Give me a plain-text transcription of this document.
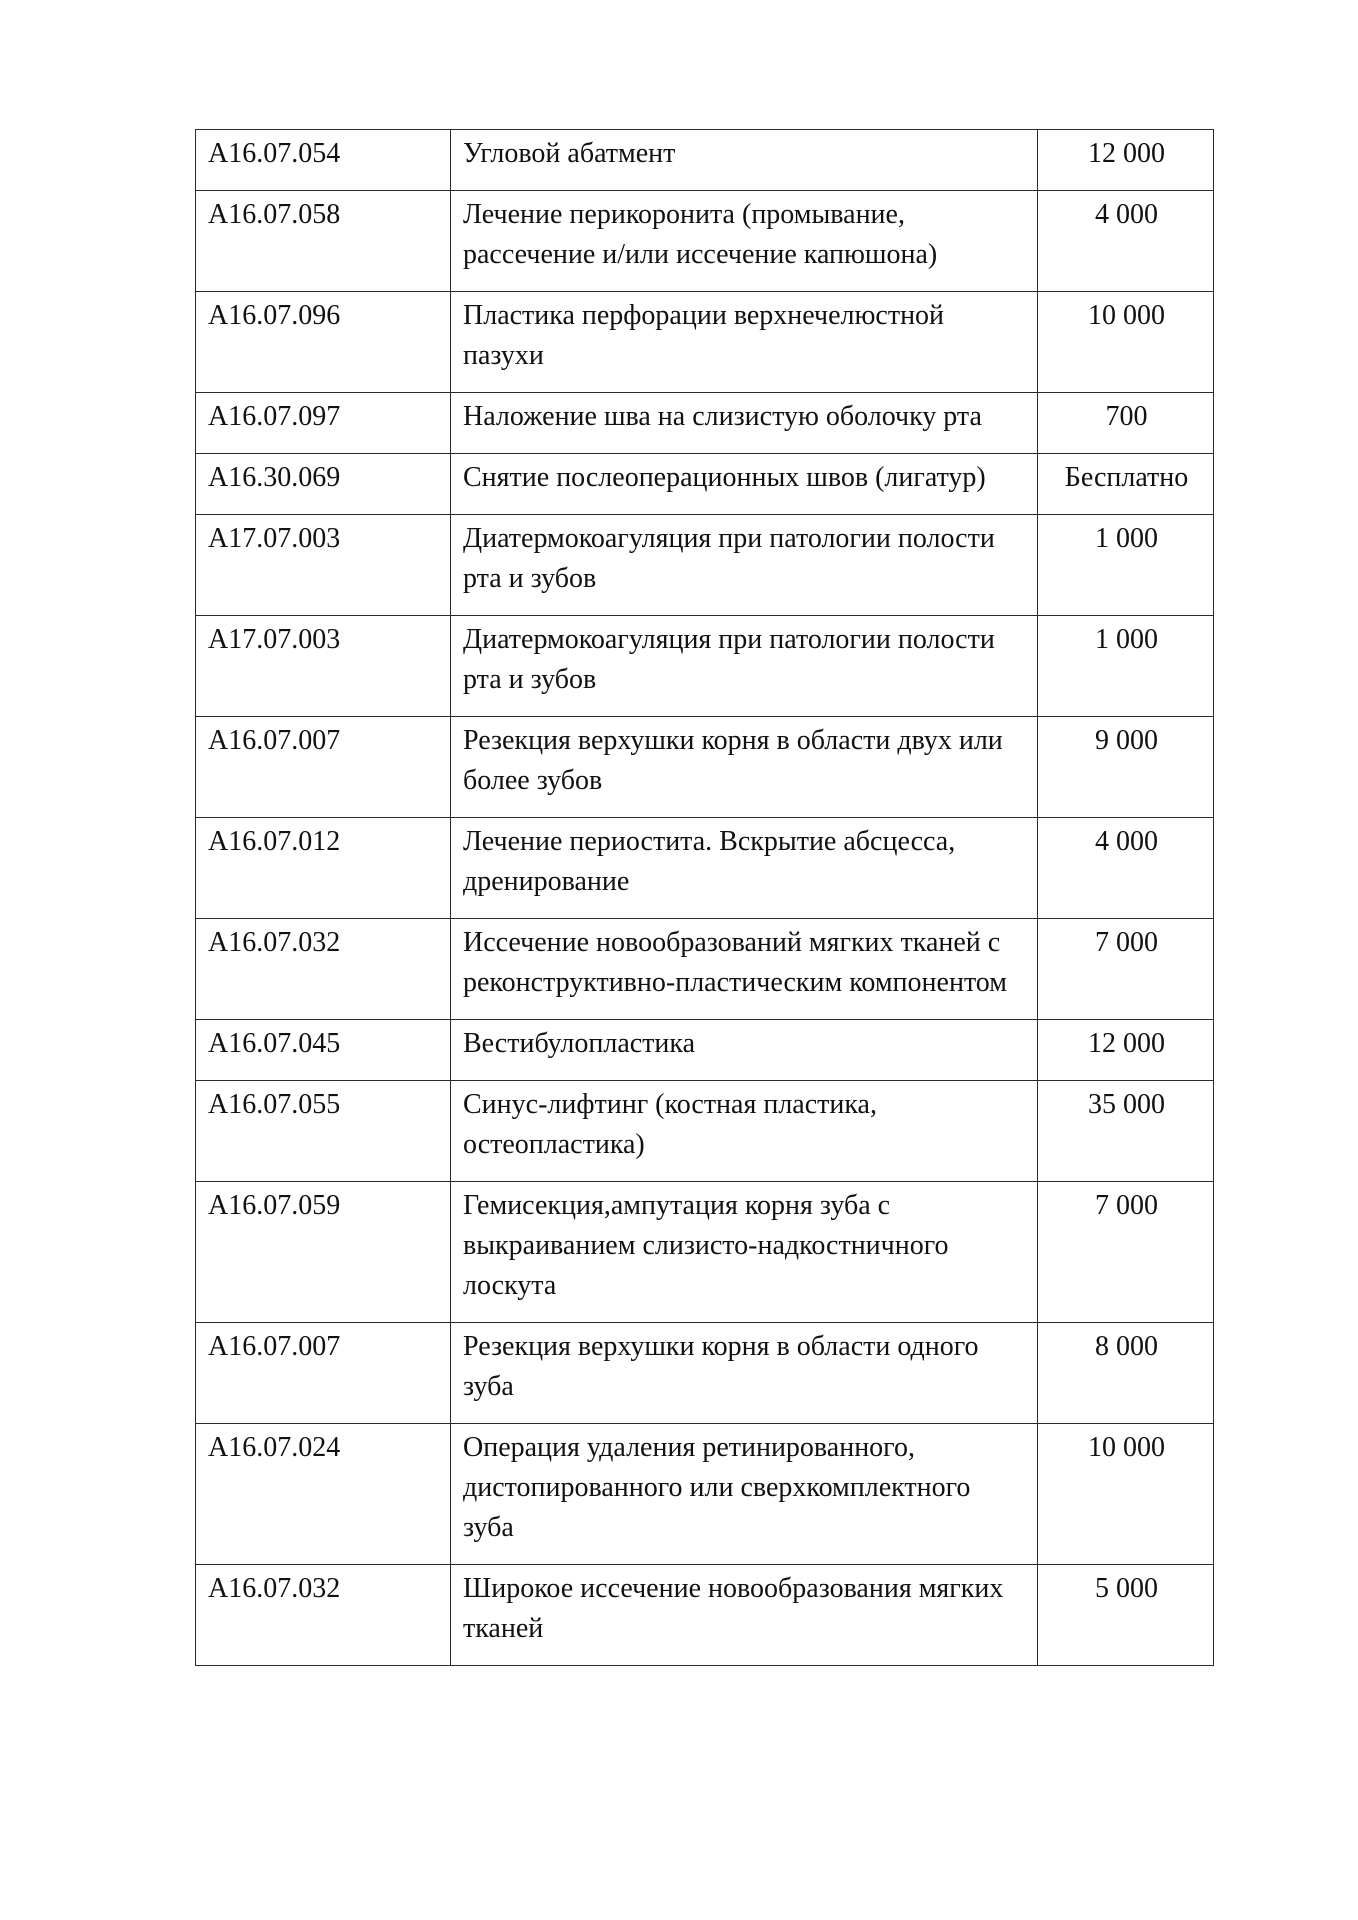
А16.07.054	Угловой абатмент	12 000
А16.07.058	Лечение перикоронита (промывание, рассечение и/или иссечение капюшона)	4 000
А16.07.096	Пластика перфорации верхнечелюстной пазухи	10 000
А16.07.097	Наложение шва на слизистую оболочку рта	700
А16.30.069	Снятие послеоперационных швов (лигатур)	Бесплатно
А17.07.003	Диатермокоагуляция при патологии полости рта и зубов	1 000
А17.07.003	Диатермокоагуляция при патологии полости рта и зубов	1 000
А16.07.007	Резекция верхушки корня в области двух или более зубов	9 000
А16.07.012	Лечение периостита. Вскрытие абсцесса, дренирование	4 000
А16.07.032	Иссечение новообразований мягких тканей с реконструктивно-пластическим компонентом	7 000
А16.07.045	Вестибулопластика	12 000
А16.07.055	Синус-лифтинг (костная пластика, остеопластика)	35 000
А16.07.059	Гемисекция,ампутация корня зуба с выкраиванием слизисто-надкостничного лоскута	7 000
А16.07.007	Резекция верхушки корня в области одного зуба	8 000
А16.07.024	Операция удаления ретинированного, дистопированного или сверхкомплектного зуба	10 000
А16.07.032	Широкое иссечение новообразования мягких тканей	5 000
